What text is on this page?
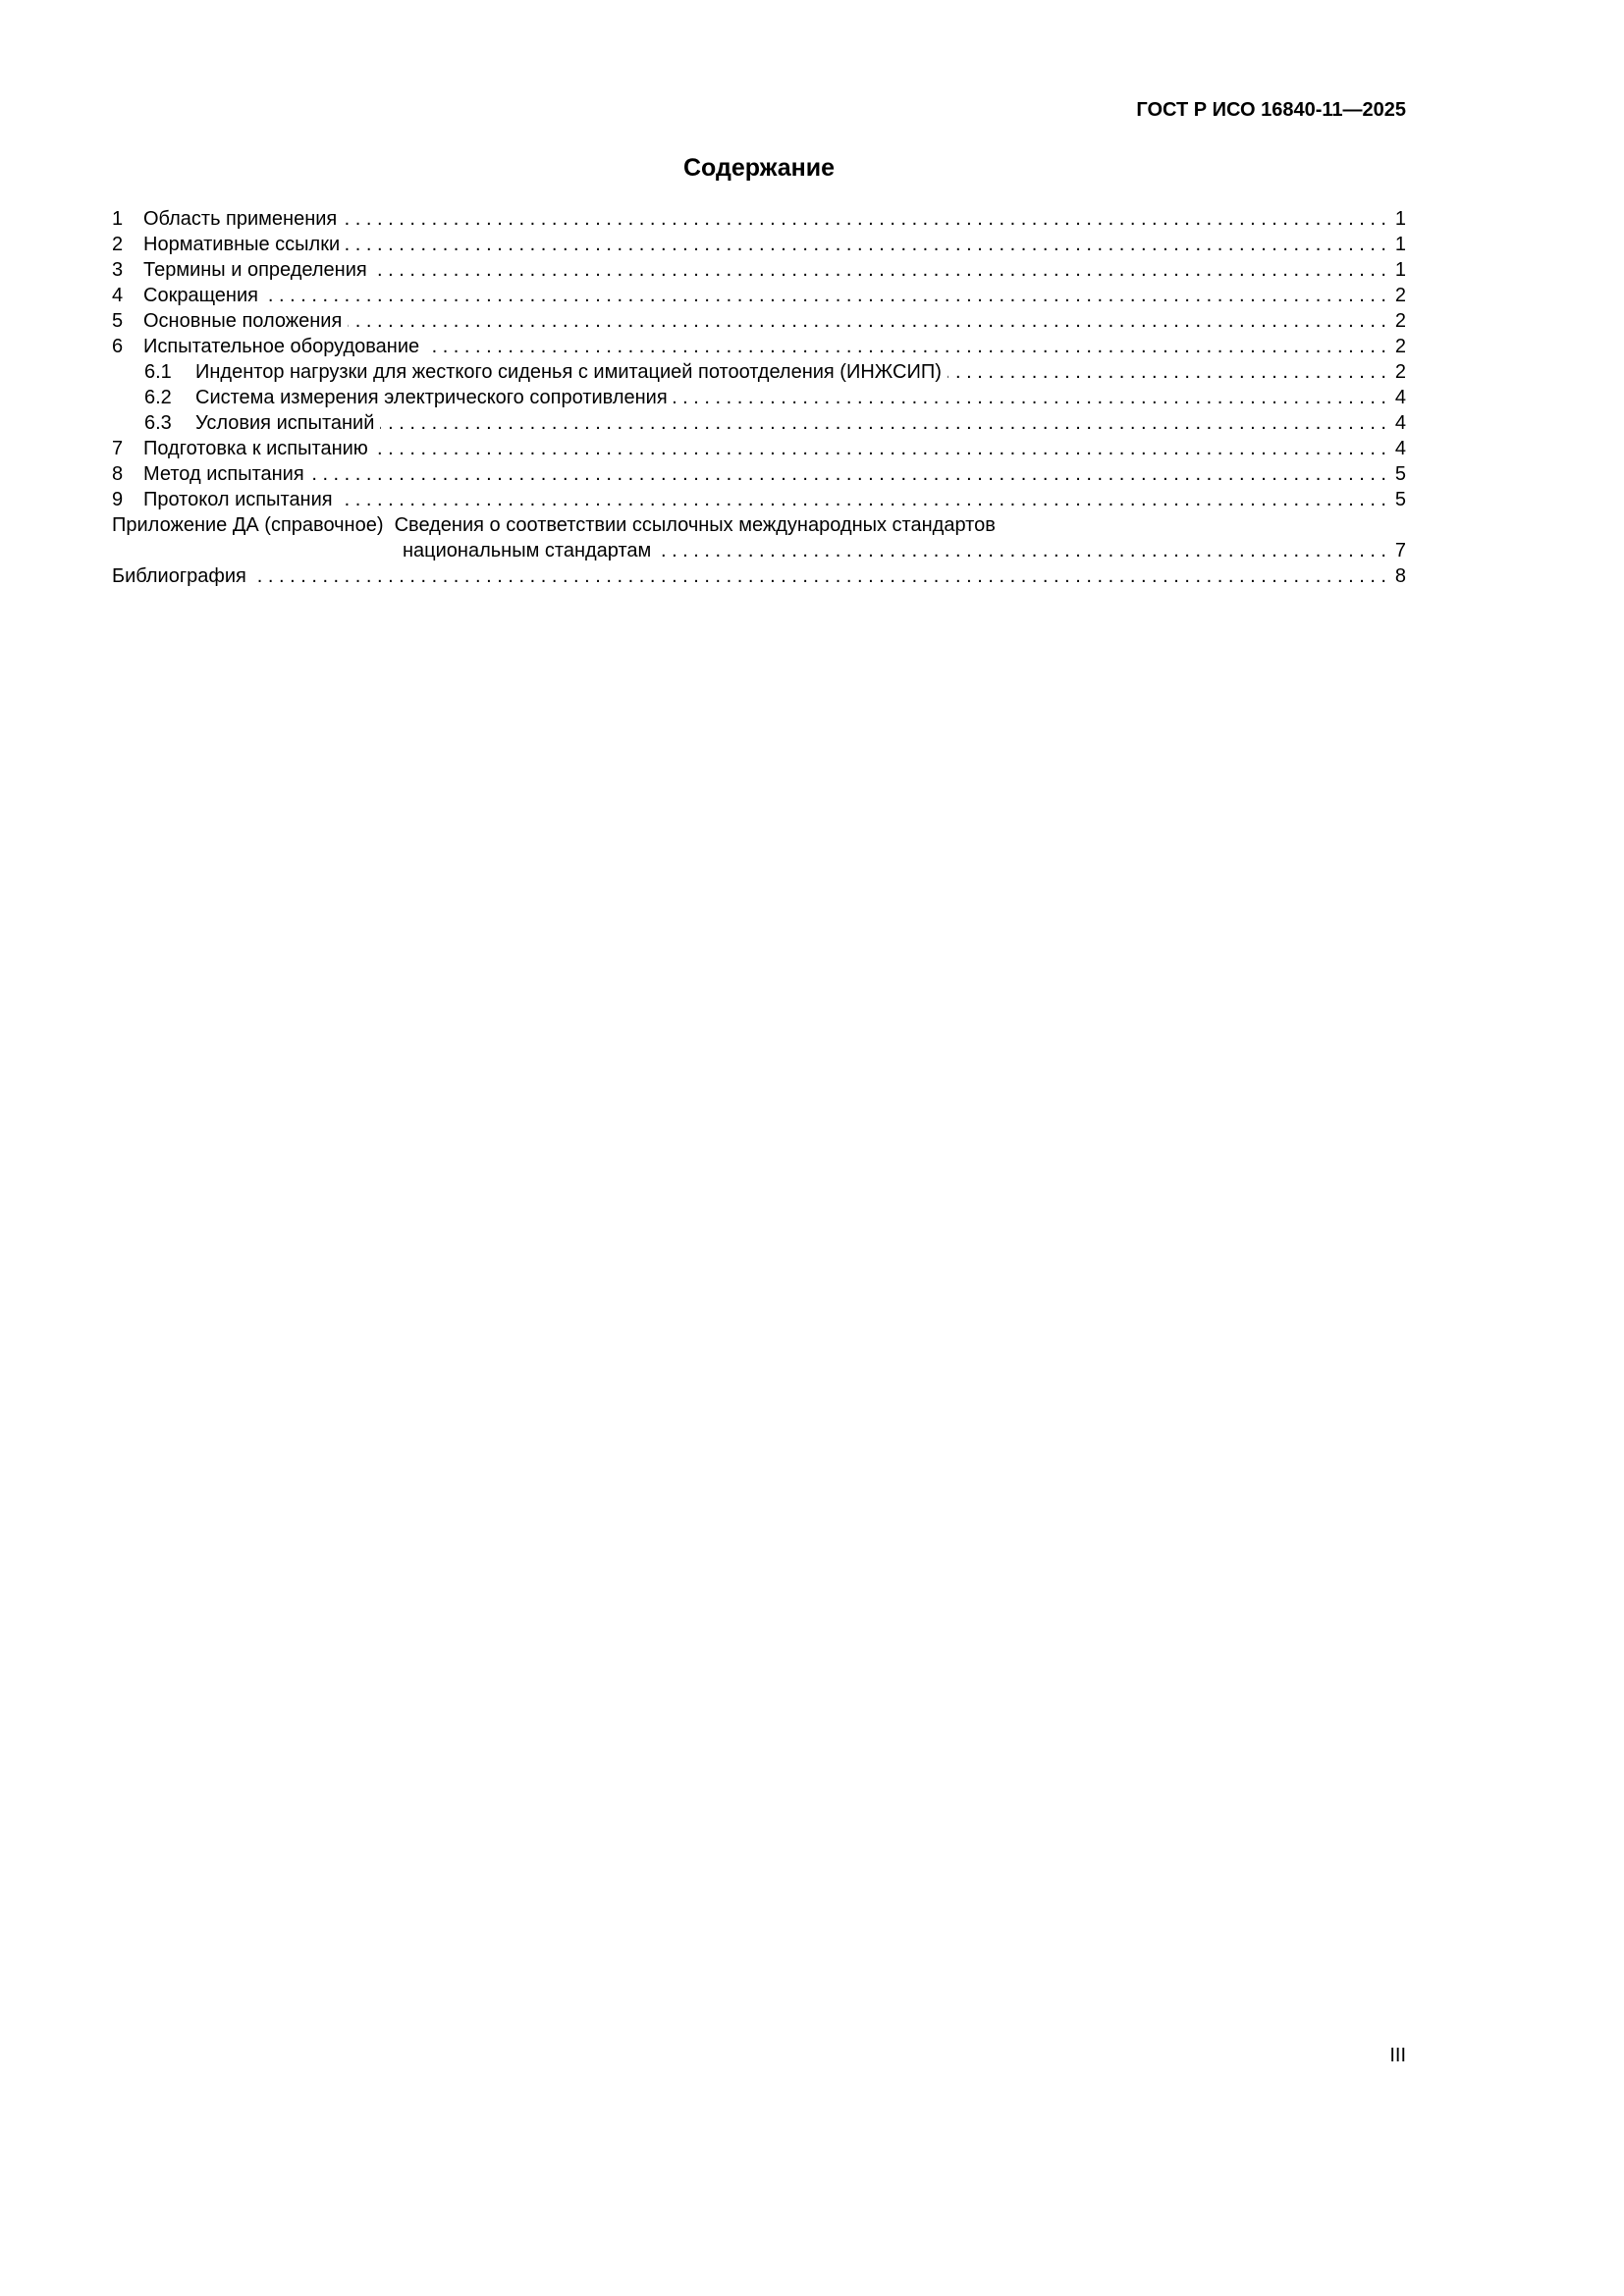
ГОСТ Р ИСО 16840-11—2025
Содержание
1	Область применения . . .	1
2	Нормативные ссылки . . .	1
3	Термины и определения . . .	1
4	Сокращения . . .	2
5	Основные положения . . .	2
6	Испытательное оборудование . . .	2
6.1	Индентор нагрузки для жесткого сиденья с имитацией потоотделения (ИНЖСИП) . . .	2
6.2	Система измерения электрического сопротивления . . .	4
6.3	Условия испытаний . . .	4
7	Подготовка к испытанию . . .	4
8	Метод испытания . . .	5
9	Протокол испытания . . .	5
Приложение ДА (справочное)  Сведения о соответствии ссылочных международных стандартов
национальным стандартам . . .	7
Библиография . . .	8
III
